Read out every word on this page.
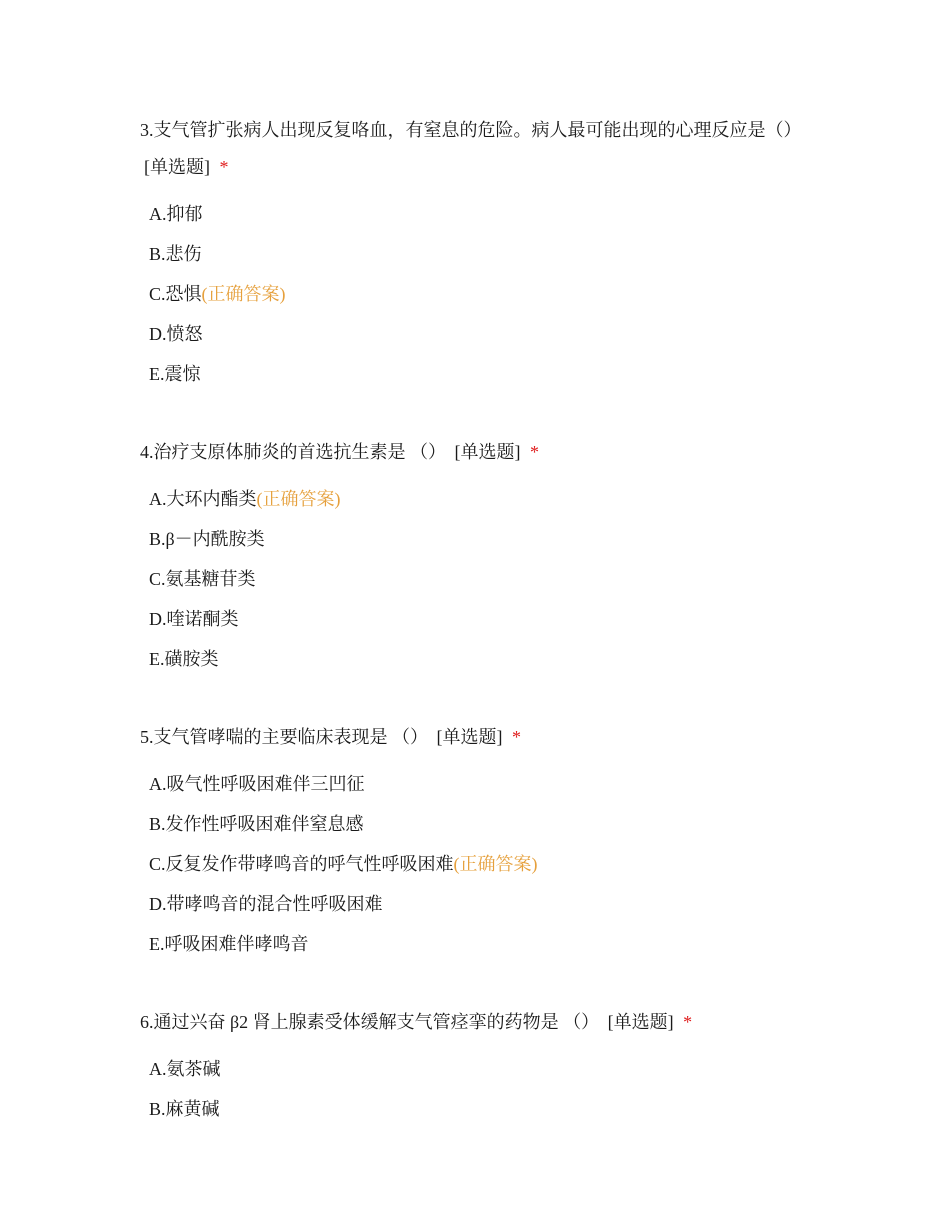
3.支气管扩张病人出现反复咯血，有窒息的危险。病人最可能出现的心理反应是（） [单选题] *
A.抑郁
B.悲伤
C.恐惧(正确答案)
D.愤怒
E.震惊
4.治疗支原体肺炎的首选抗生素是 （） [单选题] *
A.大环内酯类(正确答案)
B.β－内酰胺类
C.氨基糖苷类
D.喹诺酮类
E.磺胺类
5.支气管哮喘的主要临床表现是 （） [单选题] *
A.吸气性呼吸困难伴三凹征
B.发作性呼吸困难伴窒息感
C.反复发作带哮鸣音的呼气性呼吸困难(正确答案)
D.带哮鸣音的混合性呼吸困难
E.呼吸困难伴哮鸣音
6.通过兴奋 β2 肾上腺素受体缓解支气管痉挛的药物是 （） [单选题] *
A.氨茶碱
B.麻黄碱
